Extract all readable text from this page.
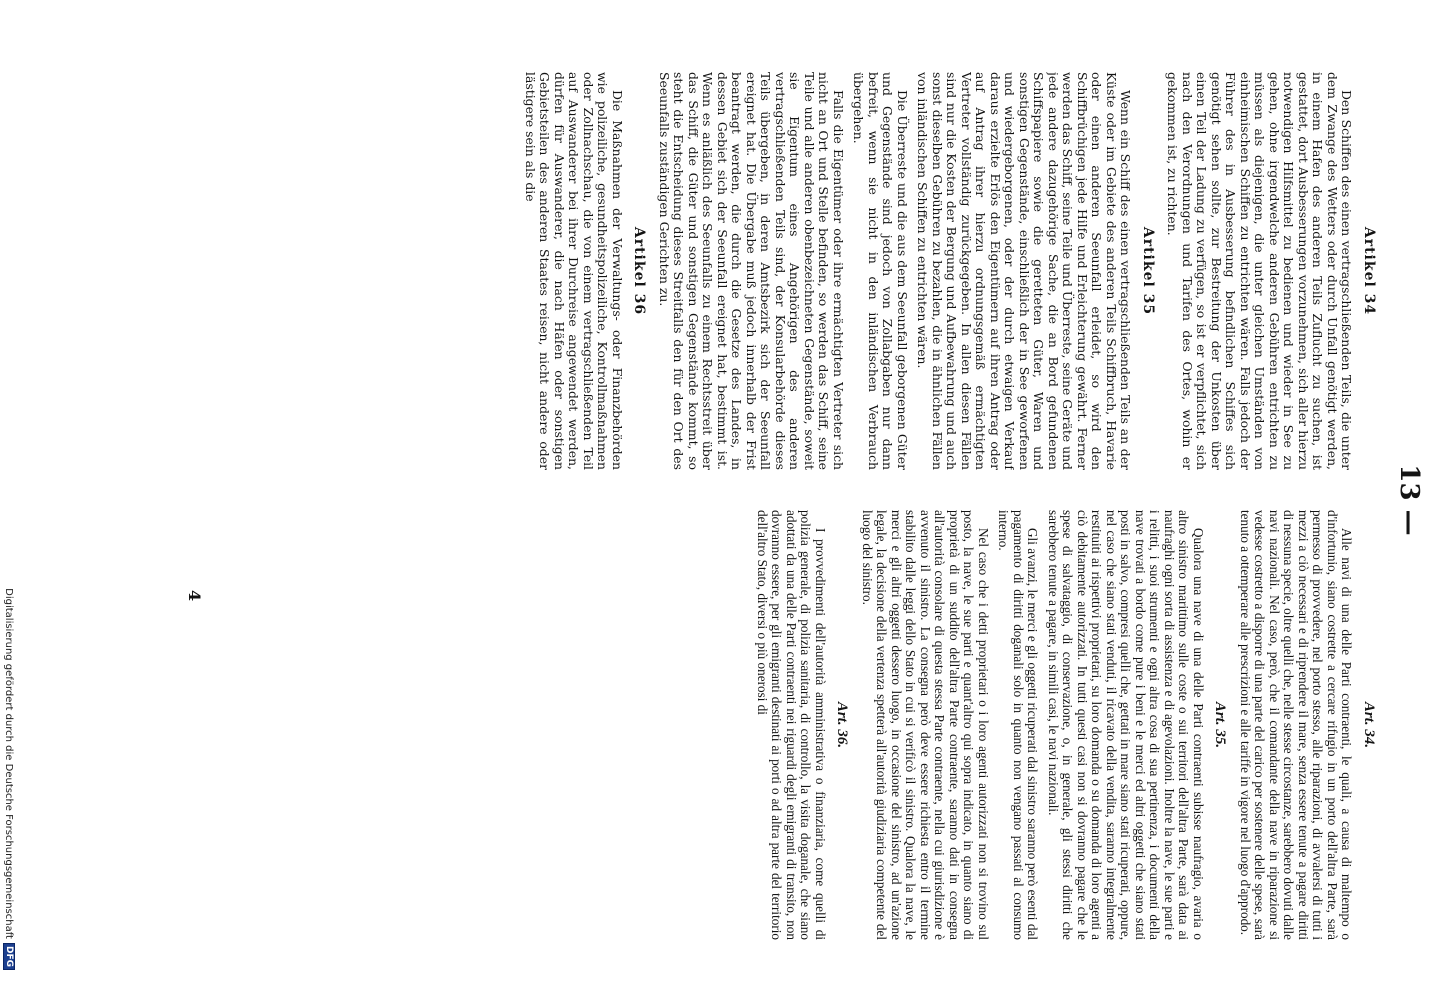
13 —
Artikel 34

Den Schiffen des einen vertragschließenden Teils, die unter dem Zwange des Wetters oder durch Unfall genötigt werden, in einem Hafen des anderen Teils Zuflucht zu suchen, ist gestattet, dort Ausbesserungen vorzunehmen, sich aller hierzu notwendigen Hilfsmittel zu bedienen und wieder in See zu gehen, ohne irgendwelche anderen Gebühren entrichten zu müssen als diejenigen, die unter gleichen Umständen von einheimischen Schiffen zu entrichten wären. Falls jedoch der Führer des in Ausbesserung befindlichen Schiffes sich genötigt sehen sollte, zur Bestreitung der Unkosten über einen Teil der Ladung zu verfügen, so ist er verpflichtet, sich nach den Verordnungen und Tarifen des Ortes, wohin er gekommen ist, zu richten.

Artikel 35

Wenn ein Schiff des einen vertragschließenden Teils an der Küste oder im Gebiete des anderen Teils Schiffbruch, Havarie oder einen anderen Seeunfall erleidet, so wird den Schiffbrüchigen jede Hilfe und Erleichterung gewährt. Ferner werden das Schiff, seine Teile und Überreste, seine Geräte und jede andere dazugehörige Sache, die an Bord gefundenen Schiffspapiere sowie die geretteten Güter, Waren und sonstigen Gegenstände, einschließlich der in See geworfenen und wiedergeborgenen, oder der durch etwaigen Verkauf daraus erzielte Erlös den Eigentümern auf ihren Antrag oder auf Antrag ihrer hierzu ordnungsgemäß ermächtigten Vertreter vollständig zurückgegeben. In allen diesen Fällen sind nur die Kosten der Bergung und Aufbewahrung und auch sonst dieselben Gebühren zu bezahlen, die in ähnlichen Fällen von inländischen Schiffen zu entrichten wären.

Die Überreste und die aus dem Seeunfall geborgenen Güter und Gegenstände sind jedoch von Zollabgaben nur dann befreit, wenn sie nicht in den inländischen Verbrauch übergehen.

Falls die Eigentümer oder ihre ermächtigten Vertreter sich nicht an Ort und Stelle befinden, so werden das Schiff, seine Teile und alle anderen obenbezeichneten Gegenstände, soweit sie Eigentum eines Angehörigen des anderen vertragschließenden Teils sind, der Konsularbehörde dieses Teils übergeben, in deren Amtsbezirk sich der Seeunfall ereignet hat. Die Übergabe muß jedoch innerhalb der Frist beantragt werden, die durch die Gesetze des Landes, in dessen Gebiet sich der Seeunfall ereignet hat, bestimmt ist. Wenn es anläßlich des Seeunfalls zu einem Rechtsstreit über das Schiff, die Güter und sonstigen Gegenstände kommt, so steht die Entscheidung dieses Streitfalls den für den Ort des Seeunfalls zuständigen Gerichten zu.

Artikel 36

Die Maßnahmen der Verwaltungs- oder Finanzbehörden wie polizeiliche, gesundheitspolizeiliche, Kontrollmaßnahmen oder Zollnachschau, die von einem vertragschließenden Teil auf Auswanderer bei ihrer Durchreise angewendet werden, dürfen für Auswanderer, die nach Häfen oder sonstigen Gebietsteilen des anderen Staates reisen, nicht andere oder lästigere sein als die

Art. 34.

Alle navi di una delle Parti contraenti, le quali, a causa di maltempo o d'infortunio, siano costrette a cercare rifugio in un porto dell'altra Parte, sarà permesso di provvedere, nel porto stesso, alle riparazioni, di avvalersi di tutti i mezzi a ciò necessari e di riprendere il mare, senza essere tenute a pagare diritti di nessuna specie, oltre quelli che, nelle stesse circostanze, sarebbero dovuti dalle navi nazionali. Nel caso, però, che il comandante della nave in riparazione si vedesse costretto a disporre di una parte del carico per sostenere delle spese, sarà tenuto a ottemperare alle prescrizioni e alle tariffe in vigore nel luogo d'approdo.

Art. 35.

Qualora una nave di una delle Parti contraenti subisse naufragio, avaria o altro sinistro marittimo sulle coste o sui territori dell'altra Parte, sarà data ai naufraghi ogni sorta di assistenza e di agevolazioni. Inoltre la nave, le sue parti e i relitti, i suoi strumenti e ogni altra cosa di sua pertinenza, i documenti della nave trovati a bordo come pure i beni e le merci ed altri oggetti che siano stati posti in salvo, compresi quelli che, gettati in mare siano stati ricuperati, oppure, nel caso che siano stati venduti, il ricavato della vendita, saranno integralmente restituiti ai rispettivi proprietari, su loro domanda o su domanda di loro agenti a ciò debitamente autorizzati. In tutti questi casi non si dovranno pagare che le spese di salvataggio, di conservazione, o, in generale, gli stessi diritti che sarebbero tenute a pagare, in simili casi, le navi nazionali.

Gli avanzi, le merci e gli oggetti ricuperati dal sinistro saranno però esenti dal pagamento di diritti doganali solo in quanto non vengano passati al consumo interno.

Nel caso che i detti proprietari o i loro agenti autorizzati non si trovino sul posto, la nave, le sue parti e quant'altro qui sopra indicato, in quanto siano di proprietà di un suddito dell'altra Parte contraente, saranno dati in consegna all'autorità consolare di questa stessa Parte contraente, nella cui giurisdizione è avvenuto il sinistro. La consegna però deve essere richiesta entro il termine stabilito dalle leggi dello Stato in cui si verificò il sinistro. Qualora la nave, le merci e gli altri oggetti dessero luogo, in occasione del sinistro, ad un'azione legale, la decisione della vertenza spetterà all'autorità giudiziaria competente del luogo del sinistro.

Art. 36.

I provvedimenti dell'autorità amministrativa o finanziaria, come quelli di polizia generale, di polizia sanitaria, di controllo, la visita doganale, che siano adottati da una delle Parti contraenti nei riguardi degli emigranti di transito, non dovranno essere, per gli emigranti destinati ai porti o ad altra parte del territorio dell'altro Stato, diversi o più onerosi di

4
Digitalisierung gefördert durch die Deutsche Forschungsgemeinschaft
DFG
